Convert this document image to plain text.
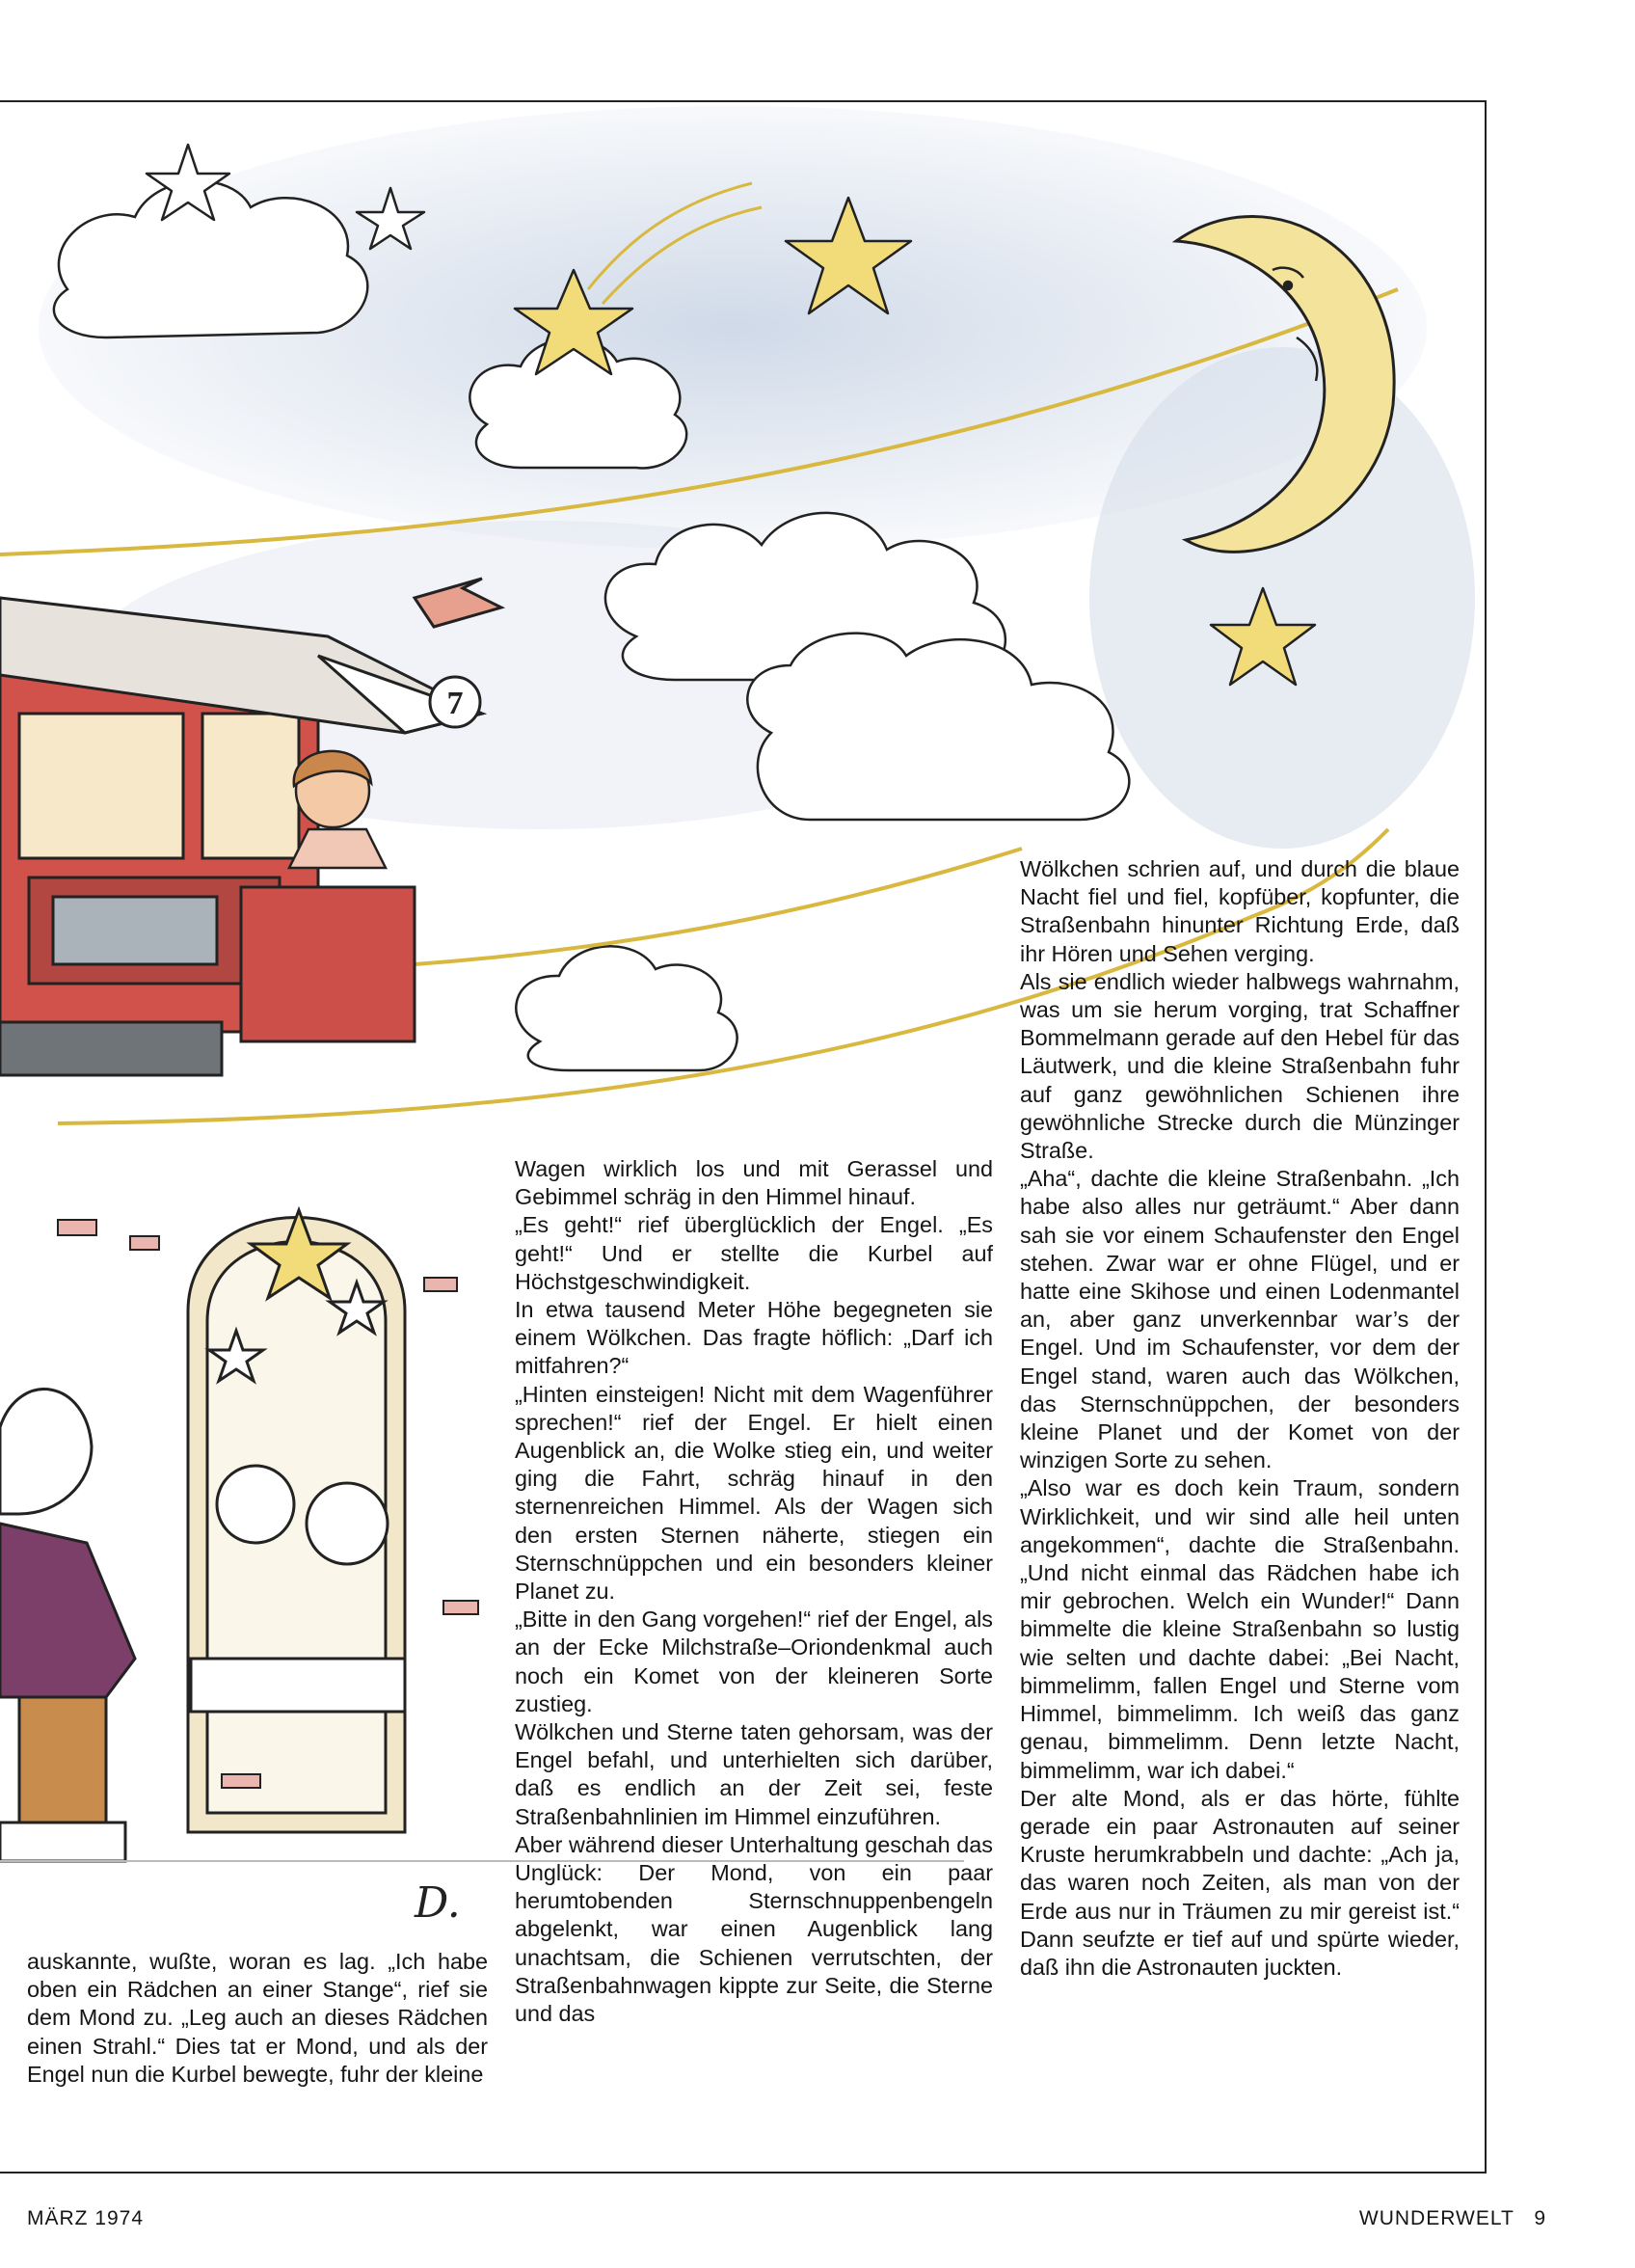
7
D.

auskannte, wußte, woran es lag. „Ich habe oben ein Rädchen an einer Stange“, rief sie dem Mond zu. „Leg auch an dieses Rädchen einen Strahl.“ Dies tat er Mond, und als der Engel nun die Kurbel bewegte, fuhr der kleine

Wagen wirklich los und mit Gerassel und Gebimmel schräg in den Himmel hinauf.

„Es geht!“ rief überglücklich der Engel. „Es geht!“ Und er stellte die Kurbel auf Höchstgeschwindigkeit.

In etwa tausend Meter Höhe begegneten sie einem Wölkchen. Das fragte höflich: „Darf ich mitfahren?“

„Hinten einsteigen! Nicht mit dem Wagenführer sprechen!“ rief der Engel. Er hielt einen Augenblick an, die Wolke stieg ein, und weiter ging die Fahrt, schräg hinauf in den sternenreichen Himmel. Als der Wagen sich den ersten Sternen näherte, stiegen ein Sternschnüppchen und ein besonders kleiner Planet zu.

„Bitte in den Gang vorgehen!“ rief der Engel, als an der Ecke Milchstraße–Oriondenkmal auch noch ein Komet von der kleineren Sorte zustieg.

Wölkchen und Sterne taten gehorsam, was der Engel befahl, und unterhielten sich darüber, daß es endlich an der Zeit sei, feste Straßenbahnlinien im Himmel einzuführen.

Aber während dieser Unterhaltung geschah das Unglück: Der Mond, von ein paar herumtobenden Sternschnuppenbengeln abgelenkt, war einen Augenblick lang unachtsam, die Schienen verrutschten, der Straßenbahnwagen kippte zur Seite, die Sterne und das

Wölkchen schrien auf, und durch die blaue Nacht fiel und fiel, kopfüber, kopfunter, die Straßenbahn hinunter Richtung Erde, daß ihr Hören und Sehen verging.

Als sie endlich wieder halbwegs wahrnahm, was um sie herum vorging, trat Schaffner Bommelmann gerade auf den Hebel für das Läutwerk, und die kleine Straßenbahn fuhr auf ganz gewöhnlichen Schienen ihre gewöhnliche Strecke durch die Münzinger Straße.

„Aha“, dachte die kleine Straßenbahn. „Ich habe also alles nur geträumt.“ Aber dann sah sie vor einem Schaufenster den Engel stehen. Zwar war er ohne Flügel, und er hatte eine Skihose und einen Lodenmantel an, aber ganz unverkennbar war’s der Engel. Und im Schaufenster, vor dem der Engel stand, waren auch das Wölkchen, das Sternschnüppchen, der besonders kleine Planet und der Komet von der winzigen Sorte zu sehen.

„Also war es doch kein Traum, sondern Wirklichkeit, und wir sind alle heil unten angekommen“, dachte die Straßenbahn. „Und nicht einmal das Rädchen habe ich mir gebrochen. Welch ein Wunder!“ Dann bimmelte die kleine Straßenbahn so lustig wie selten und dachte dabei: „Bei Nacht, bimmelimm, fallen Engel und Sterne vom Himmel, bimmelimm. Ich weiß das ganz genau, bimmelimm. Denn letzte Nacht, bimmelimm, war ich dabei.“

Der alte Mond, als er das hörte, fühlte gerade ein paar Astronauten auf seiner Kruste herumkrabbeln und dachte: „Ach ja, das waren noch Zeiten, als man von der Erde aus nur in Träumen zu mir gereist ist.“ Dann seufzte er tief auf und spürte wieder, daß ihn die Astronauten juckten.

MÄRZ 1974	WUNDERWELT 9
